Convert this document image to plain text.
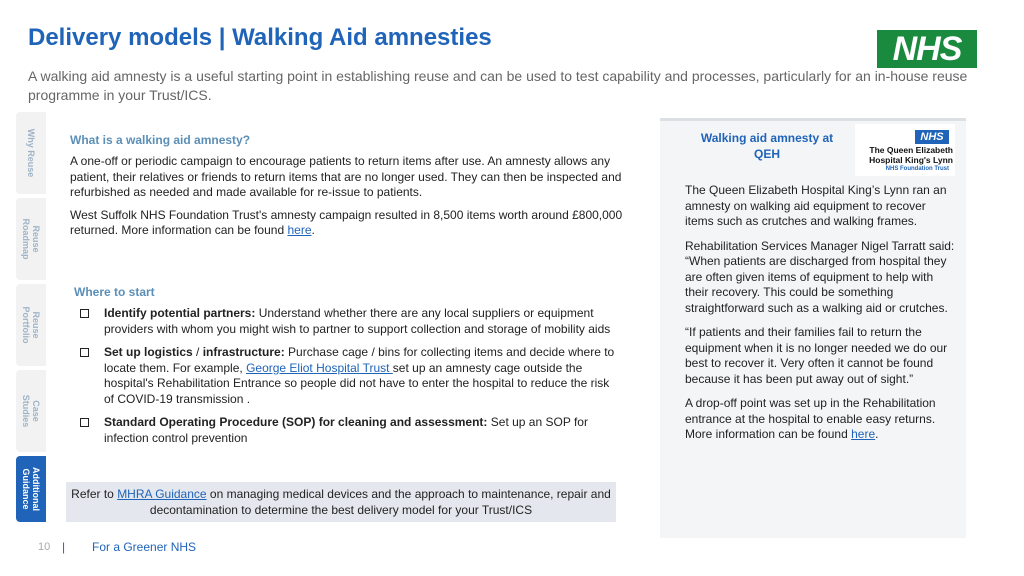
Delivery models | Walking Aid amnesties	NHS
A walking aid amnesty is a useful starting point in establishing reuse and can be used to test capability and processes, particularly for an in-house reuse programme in your Trust/ICS.
Why Reuse
Reuse
Roadmap
Reuse
Portfolio
Case
Studies
Additional
Guidance
What is a walking aid amnesty?

A one-off or periodic campaign to encourage patients to return items after use. An amnesty allows any patient, their relatives or friends to return items that are no longer used. They can then be inspected and refurbished as needed and made available for re-issue to patients.

West Suffolk NHS Foundation Trust's amnesty campaign resulted in 8,500 items worth around £800,000 returned. More information can be found here.

Where to start
Identify potential partners: Understand whether there are any local suppliers or equipment providers with whom you might wish to partner to support collection and storage of mobility aids
Set up logistics / infrastructure: Purchase cage / bins for collecting items and decide where to locate them. For example, George Eliot Hospital Trust set up an amnesty cage outside the hospital's Rehabilitation Entrance so people did not have to enter the hospital to reduce the risk of COVID-19 transmission .
Standard Operating Procedure (SOP) for cleaning and assessment: Set up an SOP for infection control prevention
Refer to MHRA Guidance on managing medical devices and the approach to maintenance, repair and decontamination to determine the best delivery model for your Trust/ICS
10 | For a Greener NHS
Walking aid amnesty at QEH
NHS
The Queen Elizabeth Hospital King's Lynn
NHS Foundation Trust

The Queen Elizabeth Hospital King’s Lynn ran an amnesty on walking aid equipment to recover items such as crutches and walking frames.

Rehabilitation Services Manager Nigel Tarratt said: “When patients are discharged from hospital they are often given items of equipment to help with their recovery. This could be something straightforward such as a walking aid or crutches.

“If patients and their families fail to return the equipment when it is no longer needed we do our best to recover it. Very often it cannot be found because it has been put away out of sight.”

A drop-off point was set up in the Rehabilitation entrance at the hospital to enable easy returns. More information can be found here.
